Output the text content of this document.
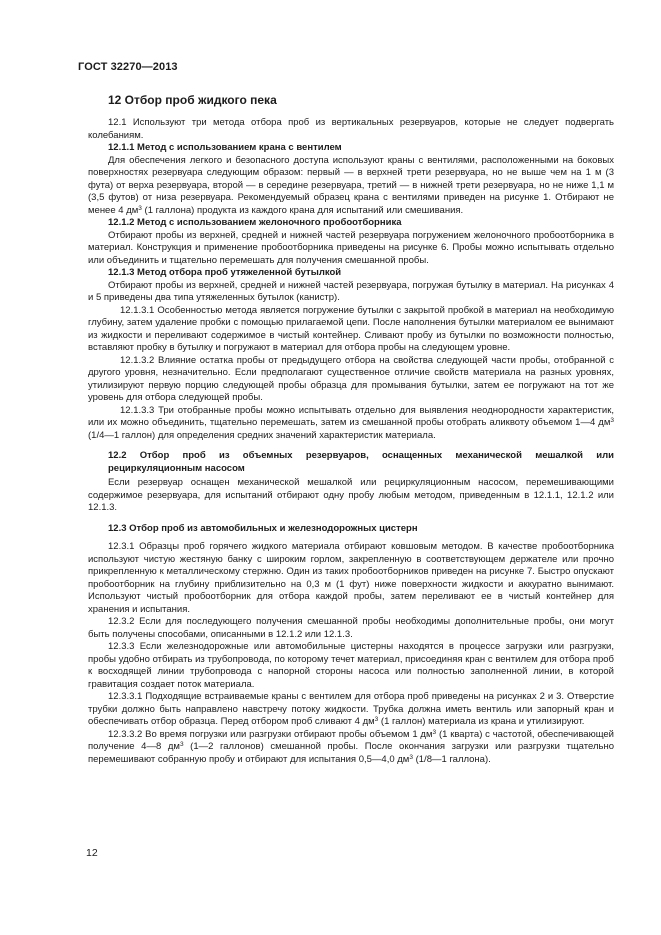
ГОСТ 32270—2013

12 Отбор проб жидкого пека

12.1 Используют три метода отбора проб из вертикальных резервуаров, которые не следует подвергать колебаниям.

12.1.1 Метод с использованием крана с вентилем

Для обеспечения легкого и безопасного доступа используют краны с вентилями, расположенными на боковых поверхностях резервуара следующим образом: первый — в верхней трети резервуара, но не выше чем на 1 м (3 фута) от верха резервуара, второй — в середине резервуара, третий — в нижней трети резервуара, но не ниже 1,1 м (3,5 футов) от низа резервуара. Рекомендуемый образец крана с вентилями приведен на рисунке 1. Отбирают не менее 4 $дм^3$ (1 галлона) продукта из каждого крана для испытаний или смешивания.

12.1.2 Метод с использованием желоночного пробоотборника

Отбирают пробы из верхней, средней и нижней частей резервуара погружением желоночного пробоотборника в материал. Конструкция и применение пробоотборника приведены на рисунке 6. Пробы можно испытывать отдельно или объединить и тщательно перемешать для получения смешанной пробы.

12.1.3 Метод отбора проб утяжеленной бутылкой

Отбирают пробы из верхней, средней и нижней частей резервуара, погружая бутылку в материал. На рисунках 4 и 5 приведены два типа утяжеленных бутылок (канистр).

12.1.3.1 Особенностью метода является погружение бутылки с закрытой пробкой в материал на необходимую глубину, затем удаление пробки с помощью прилагаемой цепи. После наполнения бутылки материалом ее вынимают из жидкости и переливают содержимое в чистый контейнер. Сливают пробу из бутылки по возможности полностью, вставляют пробку в бутылку и погружают в материал для отбора пробы на следующем уровне.

12.1.3.2 Влияние остатка пробы от предыдущего отбора на свойства следующей части пробы, отобранной с другого уровня, незначительно. Если предполагают существенное отличие свойств материала на разных уровнях, утилизируют первую порцию следующей пробы образца для промывания бутылки, затем ее погружают на тот же уровень для отбора следующей пробы.

12.1.3.3 Три отобранные пробы можно испытывать отдельно для выявления неоднородности характеристик, или их можно объединить, тщательно перемешать, затем из смешанной пробы отобрать аликвоту объемом 1—4 $дм^3$ (1/4—1 галлон) для определения средних значений характеристик материала.

12.2 Отбор проб из объемных резервуаров, оснащенных механической мешалкой или рециркуляционным насосом

Если резервуар оснащен механической мешалкой или рециркуляционным насосом, перемешивающими содержимое резервуара, для испытаний отбирают одну пробу любым методом, приведенным в 12.1.1, 12.1.2 или 12.1.3.

12.3 Отбор проб из автомобильных и железнодорожных цистерн

12.3.1 Образцы проб горячего жидкого материала отбирают ковшовым методом. В качестве пробоотборника используют чистую жестяную банку с широким горлом, закрепленную в соответствующем держателе или прочно прикрепленную к металлическому стержню. Один из таких пробоотборников приведен на рисунке 7. Быстро опускают пробоотборник на глубину приблизительно на 0,3 м (1 фут) ниже поверхности жидкости и аккуратно вынимают. Используют чистый пробоотборник для отбора каждой пробы, затем переливают ее в чистый контейнер для хранения и испытания.

12.3.2 Если для последующего получения смешанной пробы необходимы дополнительные пробы, они могут быть получены способами, описанными в 12.1.2 или 12.1.3.

12.3.3 Если железнодорожные или автомобильные цистерны находятся в процессе загрузки или разгрузки, пробы удобно отбирать из трубопровода, по которому течет материал, присоединяя кран с вентилем для отбора проб к восходящей линии трубопровода с напорной стороны насоса или полностью заполненной линии, в которой гравитация создает поток материала.

12.3.3.1 Подходящие встраиваемые краны с вентилем для отбора проб приведены на рисунках 2 и 3. Отверстие трубки должно быть направлено навстречу потоку жидкости. Трубка должна иметь вентиль или запорный кран и обеспечивать отбор образца. Перед отбором проб сливают 4 $дм^3$ (1 галлон) материала из крана и утилизируют.

12.3.3.2 Во время погрузки или разгрузки отбирают пробы объемом 1 $дм^3$ (1 кварта) с частотой, обеспечивающей получение 4—8 $дм^3$ (1—2 галлонов) смешанной пробы. После окончания загрузки или разгрузки тщательно перемешивают собранную пробу и отбирают для испытания 0,5—4,0 $дм^3$ (1/8—1 галлона).

12
